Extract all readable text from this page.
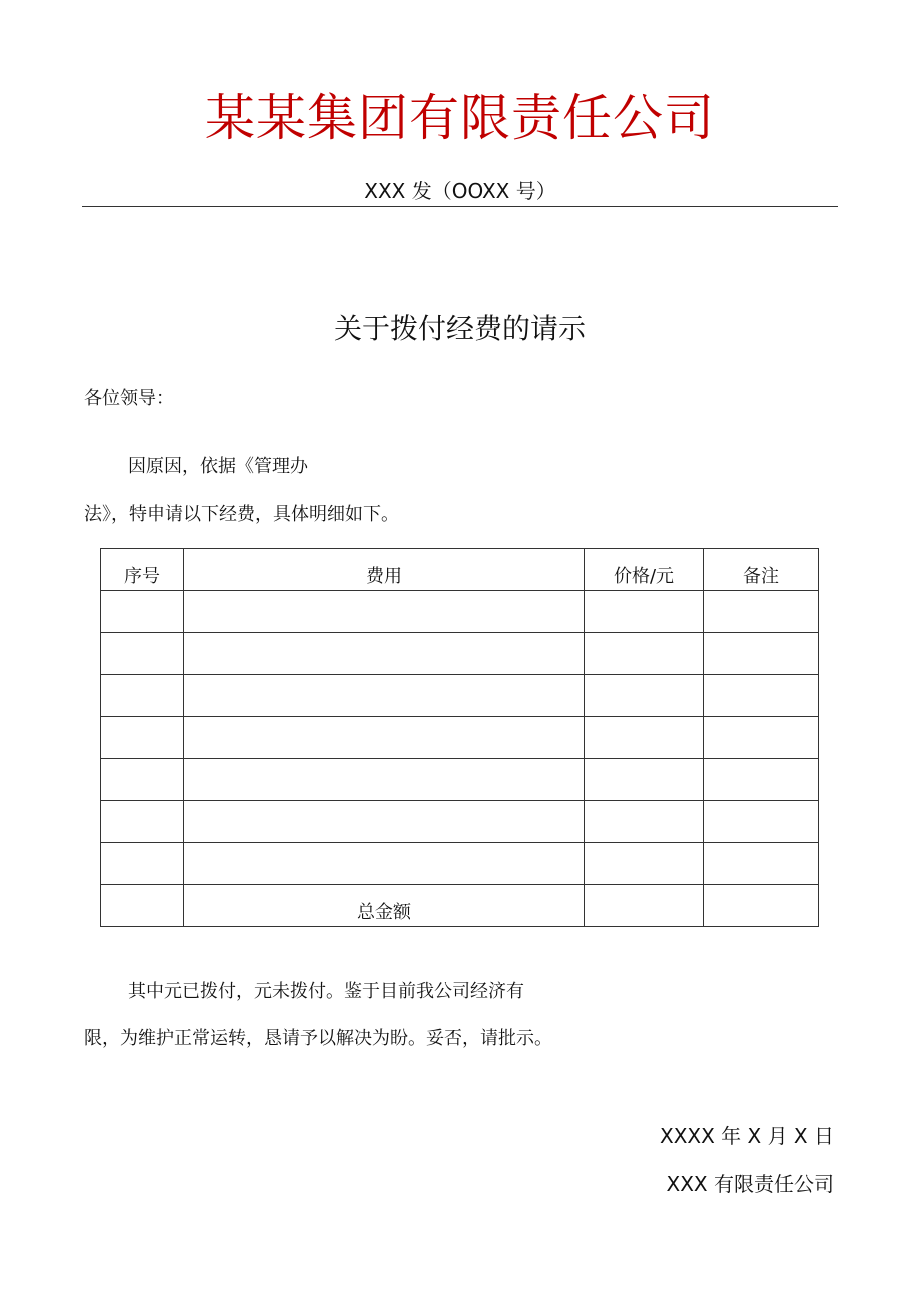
某某集团有限责任公司
XXX 发（OOXX 号）
关于拨付经费的请示
各位领导：
因原因，依据《管理办
法》，特申请以下经费，具体明细如下。
序号	费用	价格/元	备注

	总金额		
其中元已拨付，元未拨付。鉴于目前我公司经济有
限，为维护正常运转，恳请予以解决为盼。妥否，请批示。
XXXX 年 X 月 X 日
XXX 有限责任公司
